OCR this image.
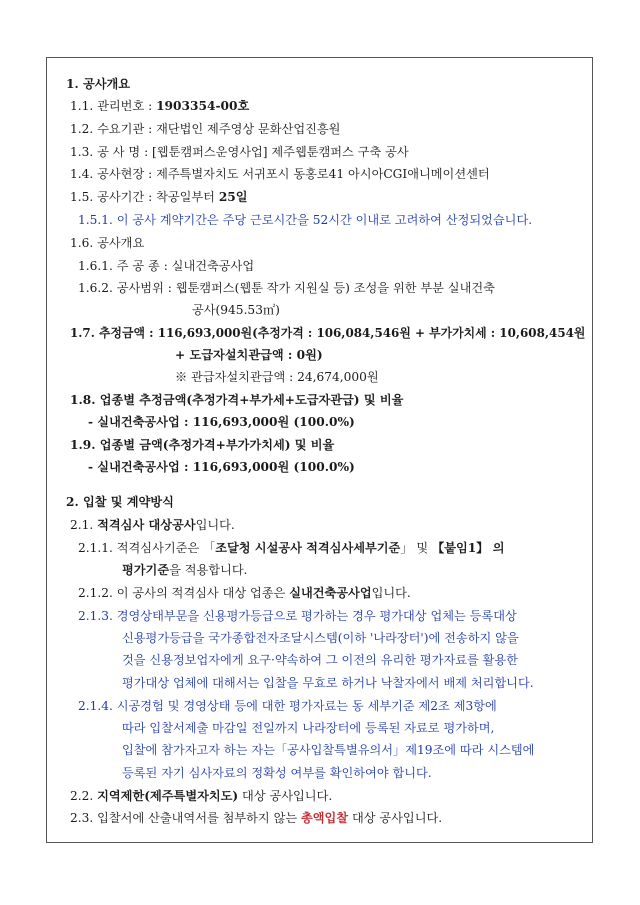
1. 공사개요
1.1. 관리번호 : 1903354-00호
1.2. 수요기관 : 재단법인 제주영상 문화산업진흥원
1.3. 공 사 명 : [웹툰캠퍼스운영사업] 제주웹툰캠퍼스 구축 공사
1.4. 공사현장 : 제주특별자치도 서귀포시 동홍로41 아시아CGI애니메이션센터
1.5. 공사기간 : 착공일부터 25일
1.5.1. 이 공사 계약기간은 주당 근로시간을 52시간 이내로 고려하여 산정되었습니다.
1.6. 공사개요
1.6.1. 주 공 종 : 실내건축공사업
1.6.2. 공사범위 : 웹툰캠퍼스(웹툰 작가 지원실 등) 조성을 위한 부분 실내건축
공사(945.53㎡)
1.7. 추정금액 : 116,693,000원(추정가격 : 106,084,546원 + 부가가치세 : 10,608,454원
+ 도급자설치관급액 : 0원)
※ 관급자설치관급액 : 24,674,000원
1.8. 업종별 추정금액(추정가격+부가세+도급자관급) 및 비율
- 실내건축공사업 : 116,693,000원 (100.0%)
1.9. 업종별 금액(추정가격+부가가치세) 및 비율
- 실내건축공사업 : 116,693,000원 (100.0%)
2. 입찰 및 계약방식
2.1. 적격심사 대상공사입니다.
2.1.1. 적격심사기준은 「조달청 시설공사 적격심사세부기준」 및 【붙임1】 의
평가기준을 적용합니다.
2.1.2. 이 공사의 적격심사 대상 업종은 실내건축공사업입니다.
2.1.3. 경영상태부문을 신용평가등급으로 평가하는 경우 평가대상 업체는 등록대상
신용평가등급을 국가종합전자조달시스템(이하 '나라장터')에 전송하지 않을
것을 신용정보업자에게 요구·약속하여 그 이전의 유리한 평가자료를 활용한
평가대상 업체에 대해서는 입찰을 무효로 하거나 낙찰자에서 배제 처리합니다.
2.1.4. 시공경험 및 경영상태 등에 대한 평가자료는 동 세부기준 제2조 제3항에
따라 입찰서제출 마감일 전일까지 나라장터에 등록된 자료로 평가하며,
입찰에 참가자고자 하는 자는「공사입찰특별유의서」제19조에 따라 시스템에
등록된 자기 심사자료의 정확성 여부를 확인하여야 합니다.
2.2. 지역제한(제주특별자치도) 대상 공사입니다.
2.3. 입찰서에 산출내역서를 첨부하지 않는 총액입찰 대상 공사입니다.
